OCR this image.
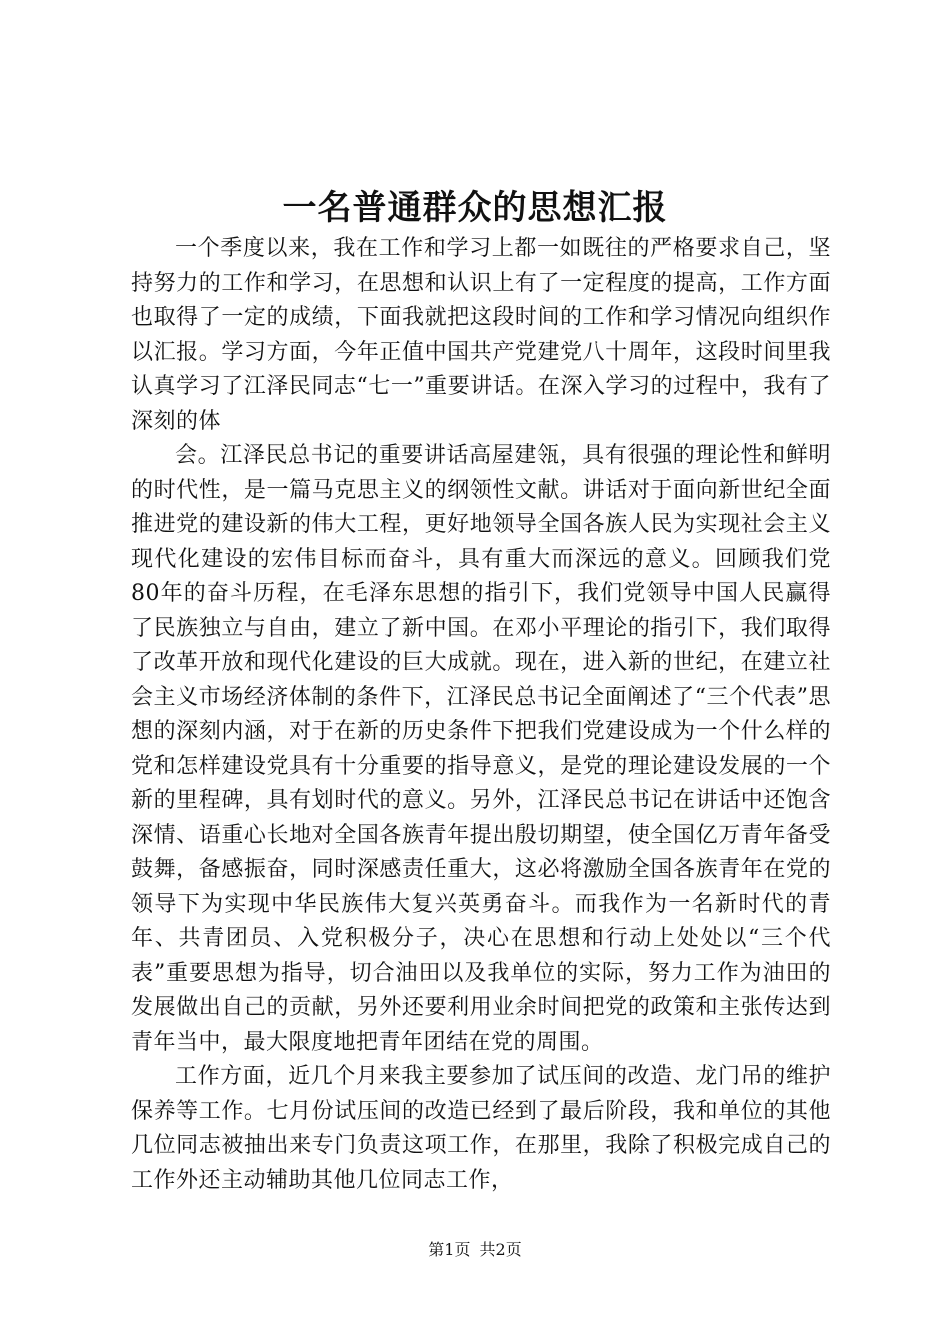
一名普通群众的思想汇报

一个季度以来，我在工作和学习上都一如既往的严格要求自己，坚持努力的工作和学习，在思想和认识上有了一定程度的提高，工作方面也取得了一定的成绩，下面我就把这段时间的工作和学习情况向组织作以汇报。学习方面，今年正值中国共产党建党八十周年，这段时间里我认真学习了江泽民同志“七一”重要讲话。在深入学习的过程中，我有了深刻的体

会。江泽民总书记的重要讲话高屋建瓴，具有很强的理论性和鲜明的时代性，是一篇马克思主义的纲领性文献。讲话对于面向新世纪全面推进党的建设新的伟大工程，更好地领导全国各族人民为实现社会主义现代化建设的宏伟目标而奋斗，具有重大而深远的意义。回顾我们党80年的奋斗历程，在毛泽东思想的指引下，我们党领导中国人民赢得了民族独立与自由，建立了新中国。在邓小平理论的指引下，我们取得了改革开放和现代化建设的巨大成就。现在，进入新的世纪，在建立社会主义市场经济体制的条件下，江泽民总书记全面阐述了“三个代表”思想的深刻内涵，对于在新的历史条件下把我们党建设成为一个什么样的党和怎样建设党具有十分重要的指导意义，是党的理论建设发展的一个新的里程碑，具有划时代的意义。另外，江泽民总书记在讲话中还饱含深情、语重心长地对全国各族青年提出殷切期望，使全国亿万青年备受鼓舞，备感振奋，同时深感责任重大，这必将激励全国各族青年在党的领导下为实现中华民族伟大复兴英勇奋斗。而我作为一名新时代的青年、共青团员、入党积极分子，决心在思想和行动上处处以“三个代表”重要思想为指导，切合油田以及我单位的实际，努力工作为油田的发展做出自己的贡献，另外还要利用业余时间把党的政策和主张传达到青年当中，最大限度地把青年团结在党的周围。

工作方面，近几个月来我主要参加了试压间的改造、龙门吊的维护保养等工作。七月份试压间的改造已经到了最后阶段，我和单位的其他几位同志被抽出来专门负责这项工作，在那里，我除了积极完成自己的工作外还主动辅助其他几位同志工作，

第1页 共2页
